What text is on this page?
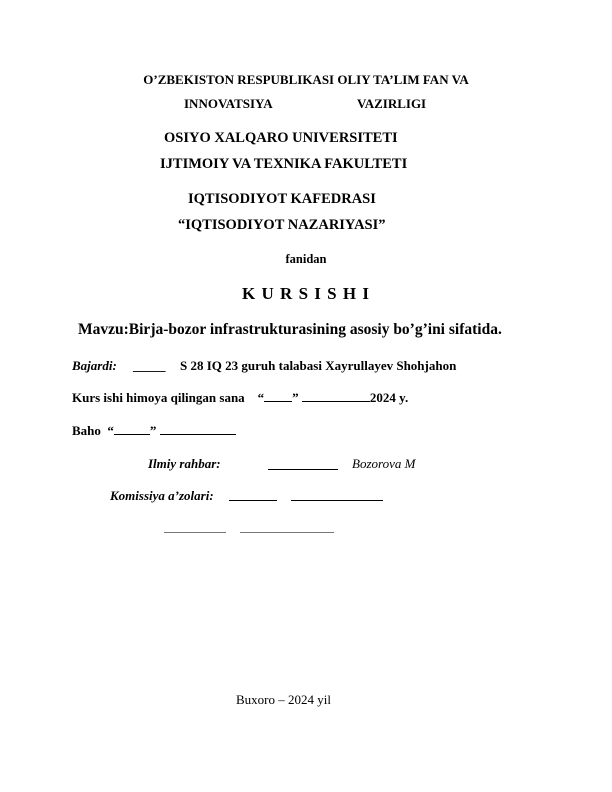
O’ZBEKISTON RESPUBLIKASI OLIY TA’LIM FAN VA
INNOVATSIYA	VAZIRLIGI
OSIYO XALQARO UNIVERSITETI
IJTIMOIY VA TEXNIKA FAKULTETI
IQTISODIYOT KAFEDRASI
“IQTISODIYOT NAZARIYASI”
fanidan
K U R S I S H I
Mavzu:Birja-bozor infrastrukturasining asosiy bo’g’ini sifatida.
Bajardi: _____ S 28 IQ 23 guruh talabasi Xayrullayev Shohjahon
Kurs ishi himoya qilingan sana “ ”	2024 y.
Baho “	”
Ilmiy rahbar:	Bozorova M
Komissiya a’zolari:
Buxoro – 2024 yil
